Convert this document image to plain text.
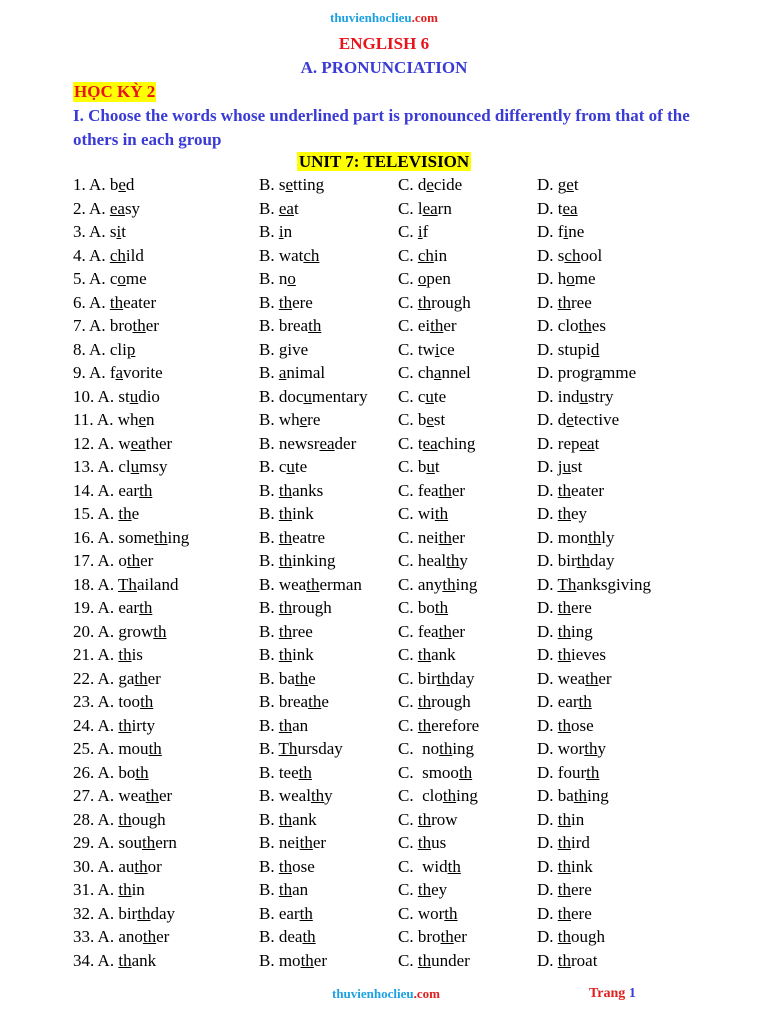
thuvienhoclieu.com
ENGLISH 6
A. PRONUNCIATION
HỌC KỲ 2
I. Choose the words whose underlined part is pronounced differently from that of the others in each group
UNIT 7: TELEVISION
1. A. bed	B. setting	C. decide	D. get
2. A. easy	B. eat	C. learn	D. tea
3. A. sit	B. in	C. if	D. fine
4. A. child	B. watch	C. chin	D. school
5. A. come	B. no	C. open	D. home
6. A. theater	B. there	C. through	D. three
7. A. brother	B. breath	C. either	D. clothes
8. A. clip	B. give	C. twice	D. stupid
9. A. favorite	B. animal	C. channel	D. programme
10. A. studio	B. documentary C. cute	D. industry
11. A. when	B. where	C. best	D. detective
12. A. weather	B. newsreader C. teaching	D. repeat
13. A. clumsy	B. cute	C. but	D. just
14. A. earth	B. thanks	C. feather	D. theater
15. A. the	B. think	C. with	D. they
16. A. something	B. theatre	C. neither	D. monthly
17. A. other	B. thinking	C. healthy	D. birthday
18. A. Thailand	B. weatherman C. anything	D. Thanksgiving
19. A. earth	B. through	C. both	D. there
20. A. growth	B. three	C. feather	D. thing
21. A. this	B. think	C. thank	D. thieves
22. A. gather	B. bathe	C. birthday	D. weather
23. A. tooth	B. breathe	C. through	D. earth
24. A. thirty	B. than	C. therefore	D. those
25. A. mouth	B. Thursday	C.  nothing	D. worthy
26. A. both	B. teeth	C.  smooth	D. fourth
27. A. weather	B. wealthy	C.  clothing	D. bathing
28. A. though	B. thank	C. throw	D. thin
29. A. southern	B. neither	C. thus	D. third
30. A. author	B. those	C.  width	D. think
31. A. thin	B. than	C. they	D. there
32. A. birthday	B. earth	C. worth	D. there
33. A. another	B. death	C. brother	D. though
34. A. thank	B. mother	C. thunder	D. throat
thuvienhoclieu.com	Trang 1
